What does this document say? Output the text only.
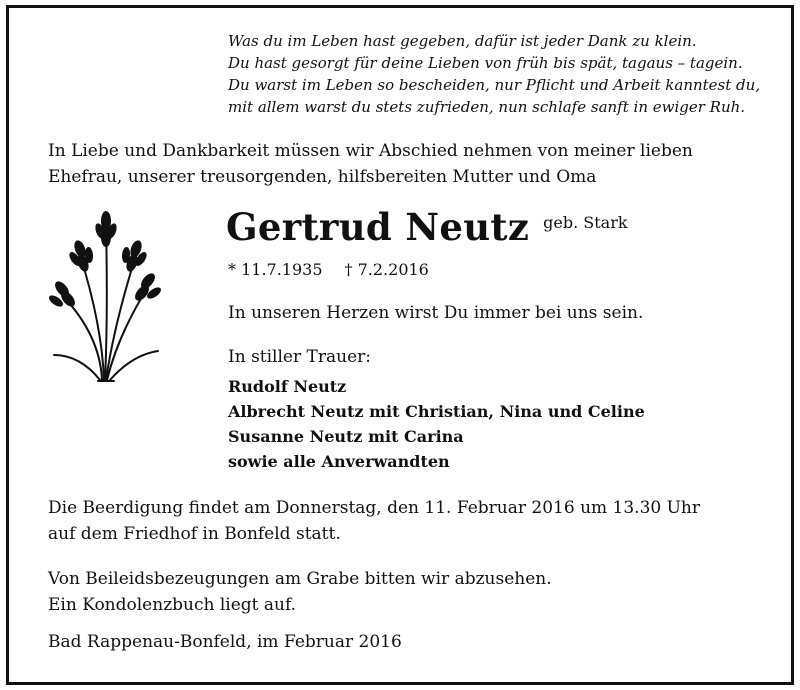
Was du im Leben hast gegeben, dafür ist jeder Dank zu klein.
Du hast gesorgt für deine Lieben von früh bis spät, tagaus – tagein.
Du warst im Leben so bescheiden, nur Pflicht und Arbeit kanntest du,
mit allem warst du stets zufrieden, nun schlafe sanft in ewiger Ruh.
In Liebe und Dankbarkeit müssen wir Abschied nehmen von meiner lieben
Ehefrau, unserer treusorgenden, hilfsbereiten Mutter und Oma
Gertrud Neutz geb. Stark
* 11.7.1935 † 7.2.2016
In unseren Herzen wirst Du immer bei uns sein.
In stiller Trauer:
Rudolf Neutz
Albrecht Neutz mit Christian, Nina und Celine
Susanne Neutz mit Carina
sowie alle Anverwandten
Die Beerdigung findet am Donnerstag, den 11. Februar 2016 um 13.30 Uhr
auf dem Friedhof in Bonfeld statt.
Von Beileidsbezeugungen am Grabe bitten wir abzusehen.
Ein Kondolenzbuch liegt auf.
Bad Rappenau-Bonfeld, im Februar 2016
